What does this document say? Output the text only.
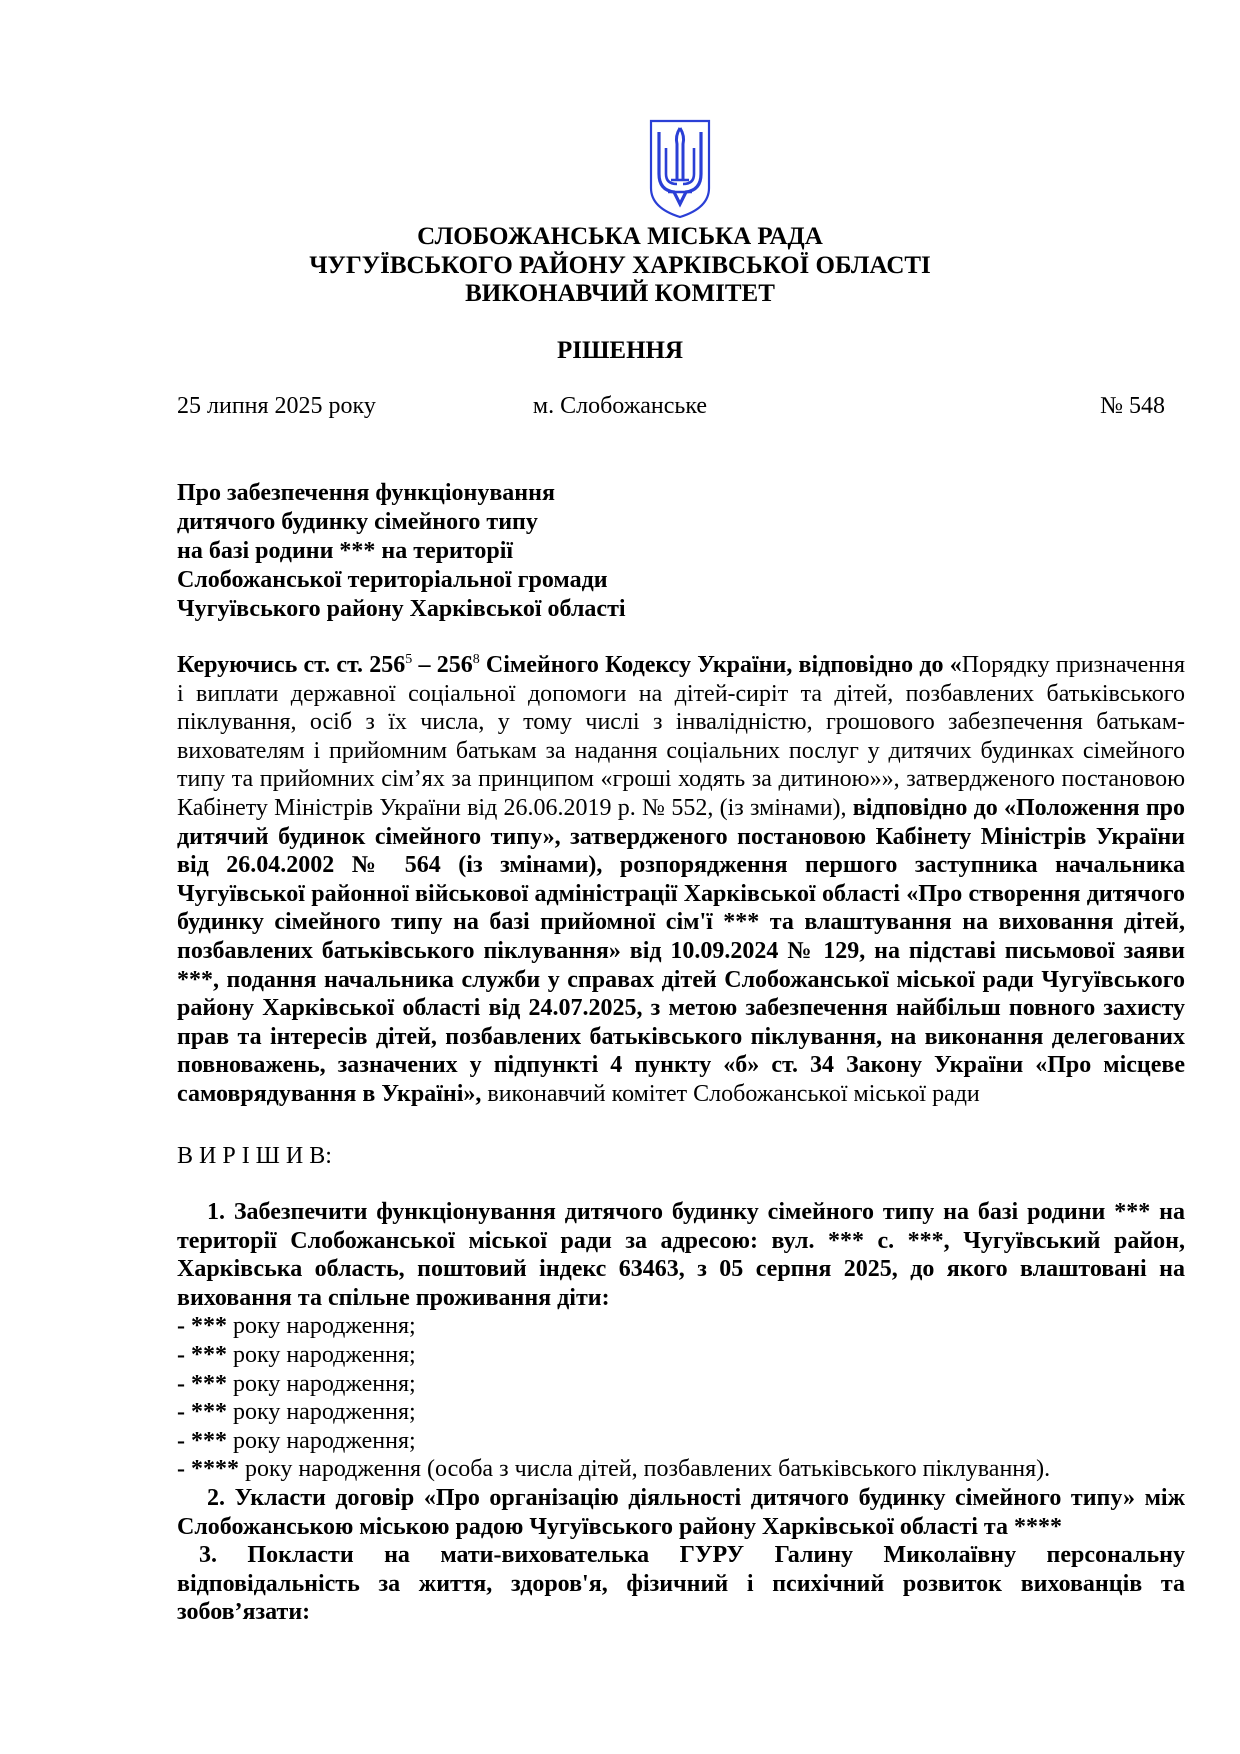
СЛОБОЖАНСЬКА МІСЬКА РАДА
ЧУГУЇВСЬКОГО РАЙОНУ ХАРКІВСЬКОЇ ОБЛАСТІ
ВИКОНАВЧИЙ КОМІТЕТ
РІШЕННЯ
25 липня 2025 року	м. Слобожанське	№ 548
Про забезпечення функціонування
дитячого будинку сімейного типу
на базі родини *** на території
Слобожанської територіальної громади
Чугуївського району Харківської області

Керуючись ст. ст. $256^5 - 256^8$ Сімейного Кодексу України, відповідно до «Порядку призначення і виплати державної соціальної допомоги на дітей-сиріт та дітей, позбавлених батьківського піклування, осіб з їх числа, у тому числі з інвалідністю, грошового забезпечення батькам-вихователям і прийомним батькам за надання соціальних послуг у дитячих будинках сімейного типу та прийомних сім’ях за принципом «гроші ходять за дитиною»», затвердженого постановою Кабінету Міністрів України від 26.06.2019 р. № 552, (із змінами), відповідно до «Положення про дитячий будинок сімейного типу», затвердженого постановою Кабінету Міністрів України від 26.04.2002 № 564 (із змінами), розпорядження першого заступника начальника Чугуївської районної військової адміністрації Харківської області «Про створення дитячого будинку сімейного типу на базі прийомної сім'ї *** та влаштування на виховання дітей, позбавлених батьківського піклування» від 10.09.2024 № 129, на підставі письмової заяви ***, подання начальника служби у справах дітей Слобожанської міської ради Чугуївського району Харківської області від 24.07.2025, з метою забезпечення найбільш повного захисту прав та інтересів дітей, позбавлених батьківського піклування, на виконання делегованих повноважень, зазначених у підпункті 4 пункту «б» ст. 34 Закону України «Про місцеве самоврядування в Україні», виконавчий комітет Слобожанської міської ради

В И Р І Ш И В:

1. Забезпечити функціонування дитячого будинку сімейного типу на базі родини *** на території Слобожанської міської ради за адресою: вул. *** с. ***, Чугуївський район, Харківська область, поштовий індекс 63463, з 05 серпня 2025, до якого влаштовані на виховання та спільне проживання діти:

- *** року народження;
- *** року народження;
- *** року народження;
- *** року народження;
- *** року народження;
- **** року народження (особа з числа дітей, позбавлених батьківського піклування).

2. Укласти договір «Про організацію діяльності дитячого будинку сімейного типу» між Слобожанською міською радою Чугуївського району Харківської області та ****

3. Покласти на мати-вихователька ГУРУ Галину Миколаївну персональну відповідальність за життя, здоров'я, фізичний і психічний розвиток вихованців та зобов’язати:
